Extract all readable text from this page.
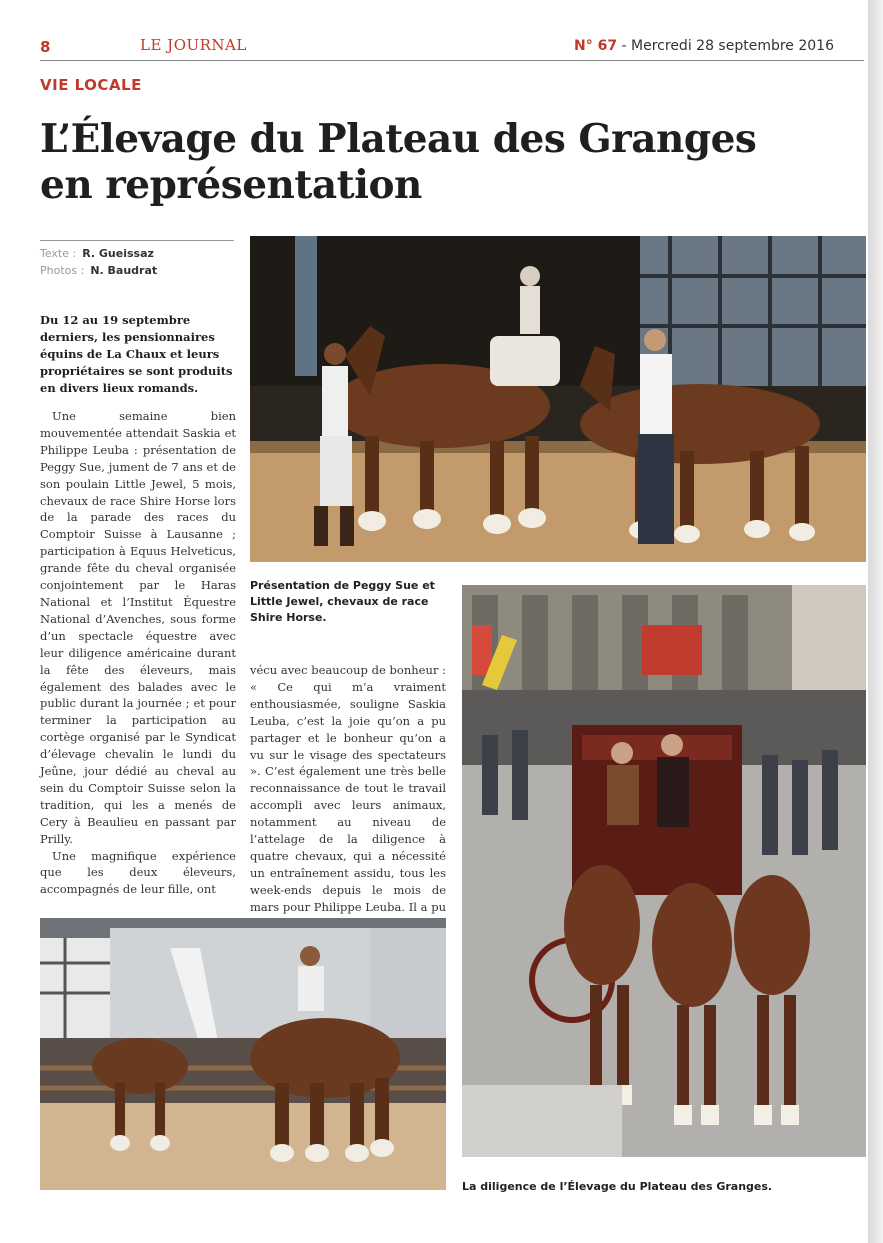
8	LE JOURNAL	N° 67 - Mercredi 28 septembre 2016
VIE LOCALE
L’Élevage du Plateau des Granges
en représentation
Texte : R. Gueissaz
Photos : N. Baudrat

Du 12 au 19 septembre derniers, les pensionnaires équins de La Chaux et leurs propriétaires se sont produits en divers lieux romands.

Une semaine bien mouvementée attendait Saskia et Philippe Leuba : présentation de Peggy Sue, jument de 7 ans et de son poulain Little Jewel, 5 mois, chevaux de race Shire Horse lors de la parade des races du Comptoir Suisse à Lausanne ; participation à Equus Helveticus, grande fête du cheval organisée conjointement par le Haras National et l’Institut Équestre National d’Avenches, sous forme d’un spectacle équestre avec leur diligence américaine durant la fête des éleveurs, mais également des balades avec le public durant la journée ; et pour terminer la participation au cortège organisé par le Syndicat d’élevage chevalin le lundi du Jeûne, jour dédié au cheval au sein du Comptoir Suisse selon la tradition, qui les a menés de Cery à Beaulieu en passant par Prilly.

Une magnifique expérience que les deux éleveurs, accompagnés de leur fille, ont

Présentation de Peggy Sue et Little Jewel, chevaux de race Shire Horse.

vécu avec beaucoup de bonheur : « Ce qui m’a vraiment enthousiasmée, souligne Saskia Leuba, c’est la joie qu’on a pu partager et le bonheur qu’on a vu sur le visage des spectateurs ». C’est également une très belle reconnaissance de tout le travail accompli avec leurs animaux, notamment au niveau de l’attelage de la diligence à quatre chevaux, qui a nécessité un entraînement assidu, tous les week-ends depuis le mois de mars pour Philippe Leuba. Il a pu

La diligence de l’Élevage du Plateau des Granges.
